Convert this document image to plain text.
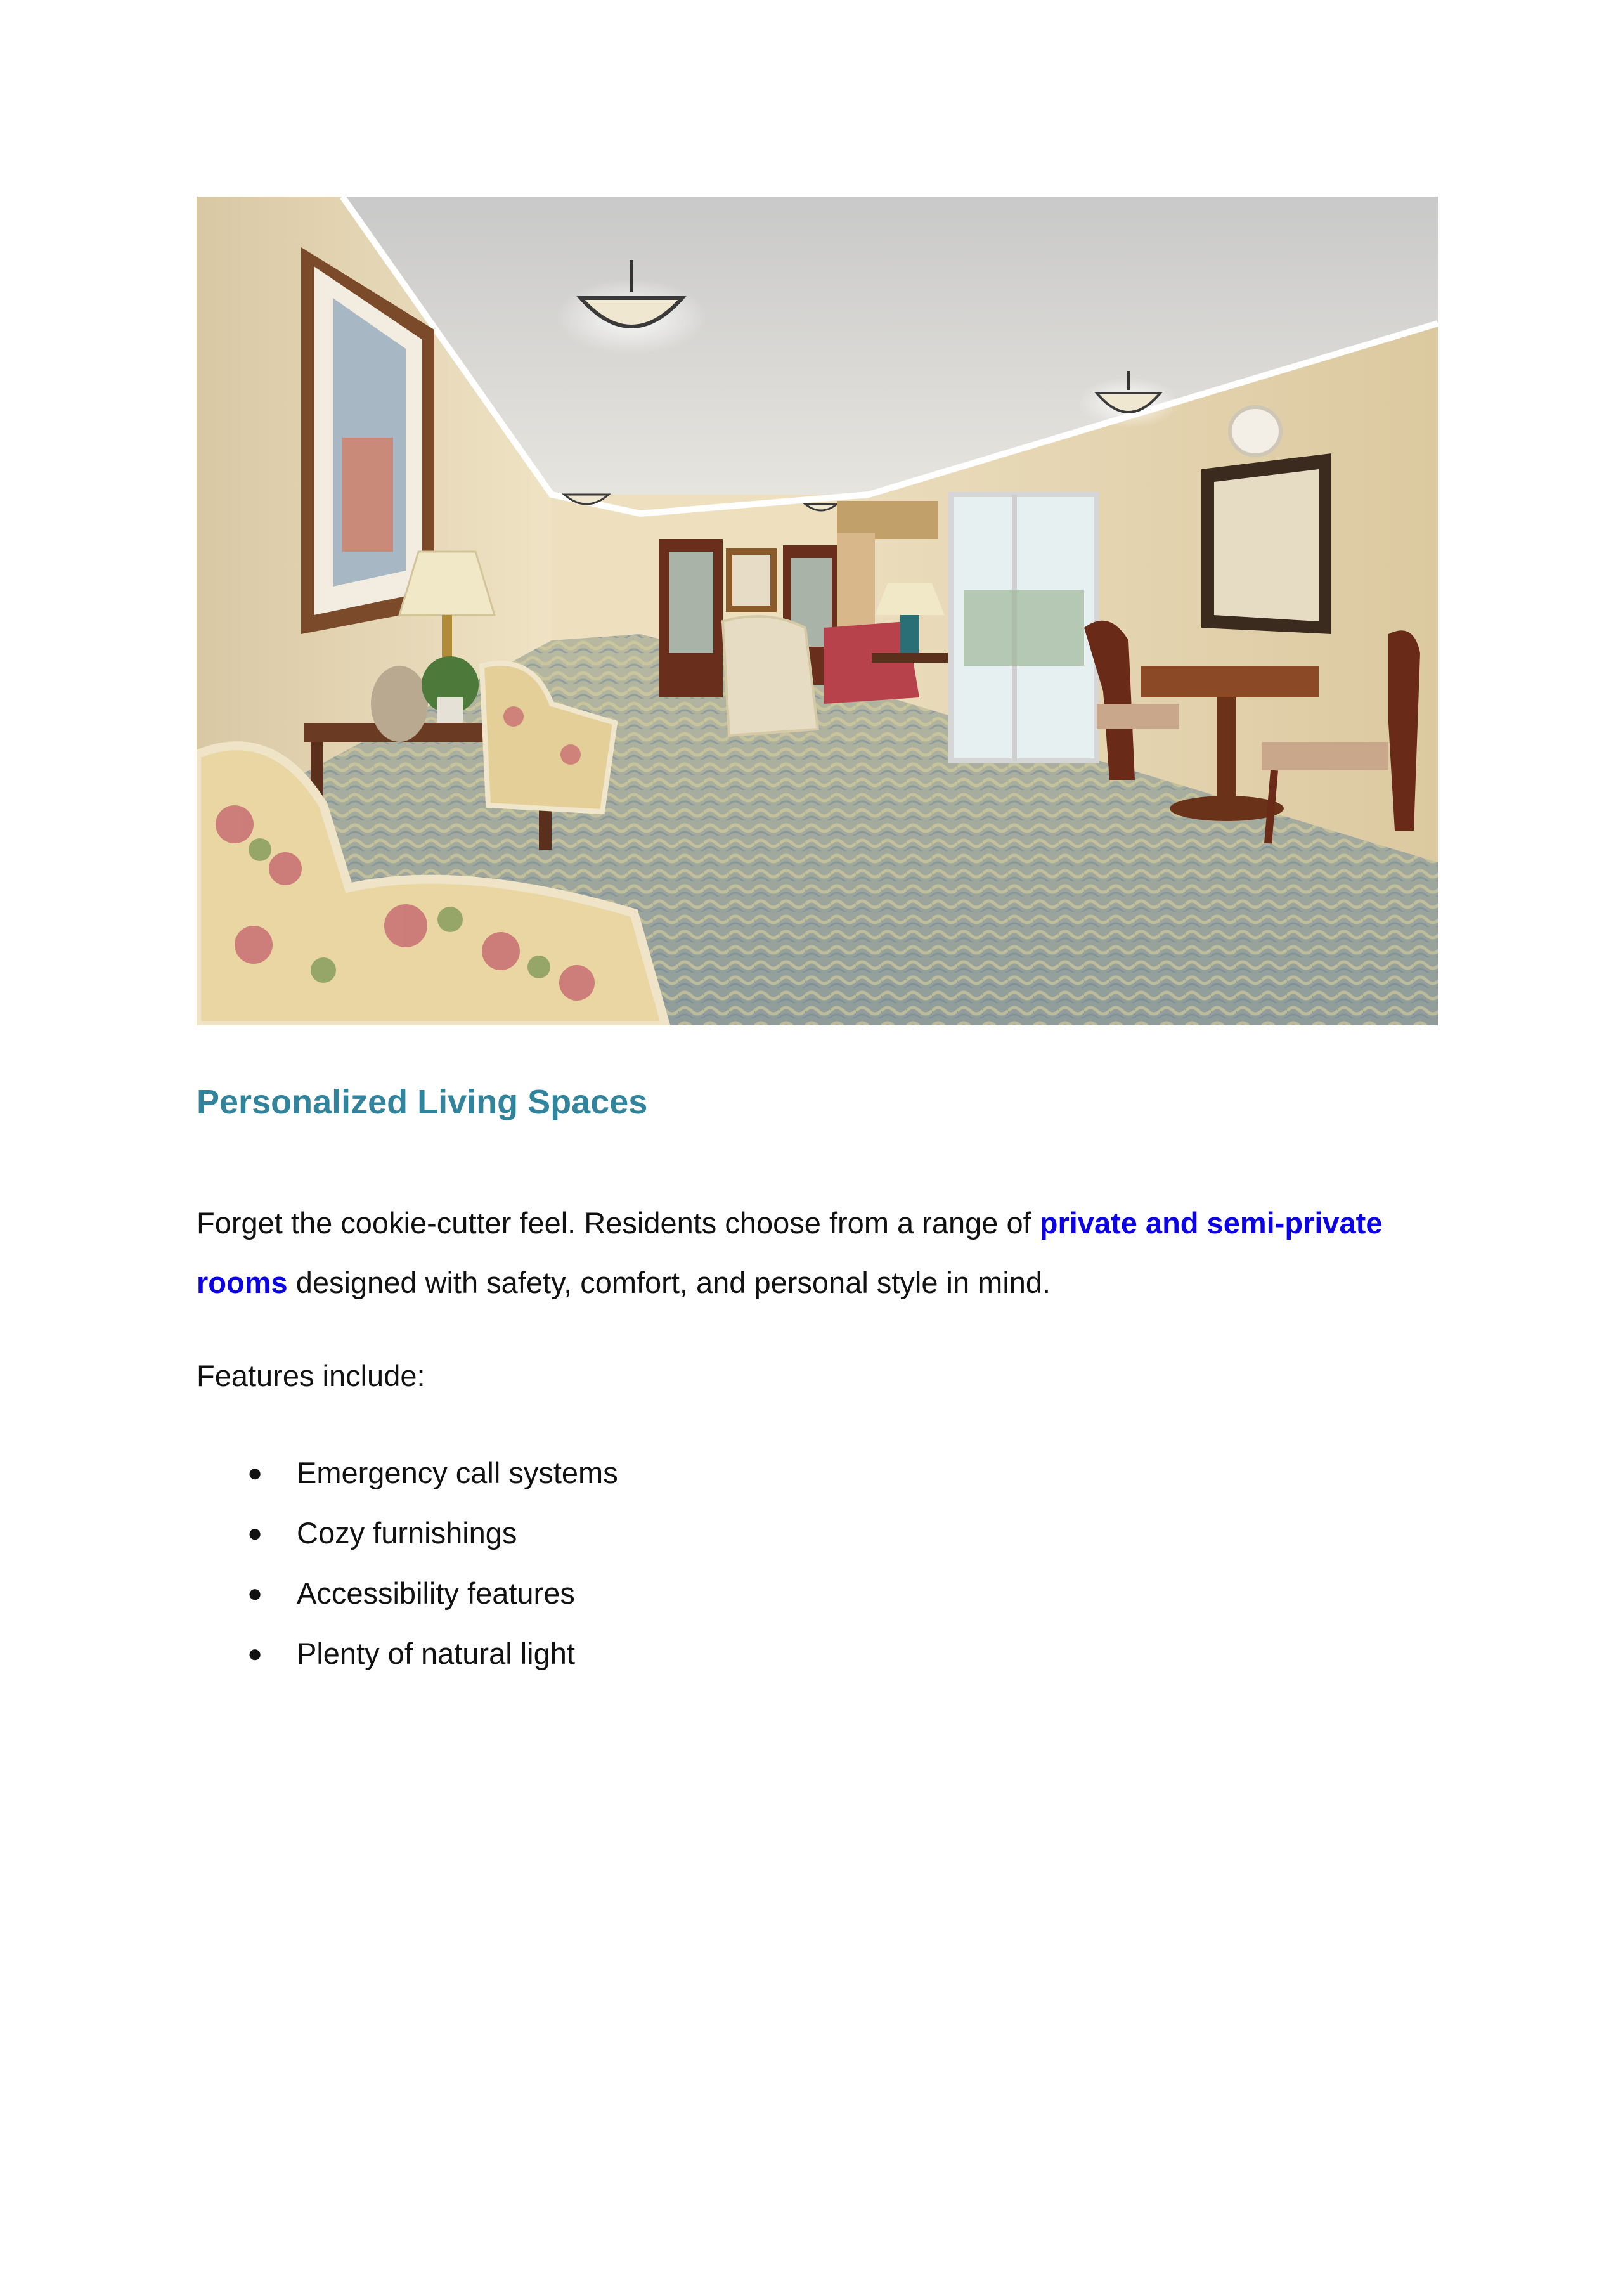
Personalized Living Spaces

Forget the cookie-cutter feel. Residents choose from a range of private and semi-private rooms designed with safety, comfort, and personal style in mind.

Features include:

● Emergency call systems
● Cozy furnishings
● Accessibility features
● Plenty of natural light
